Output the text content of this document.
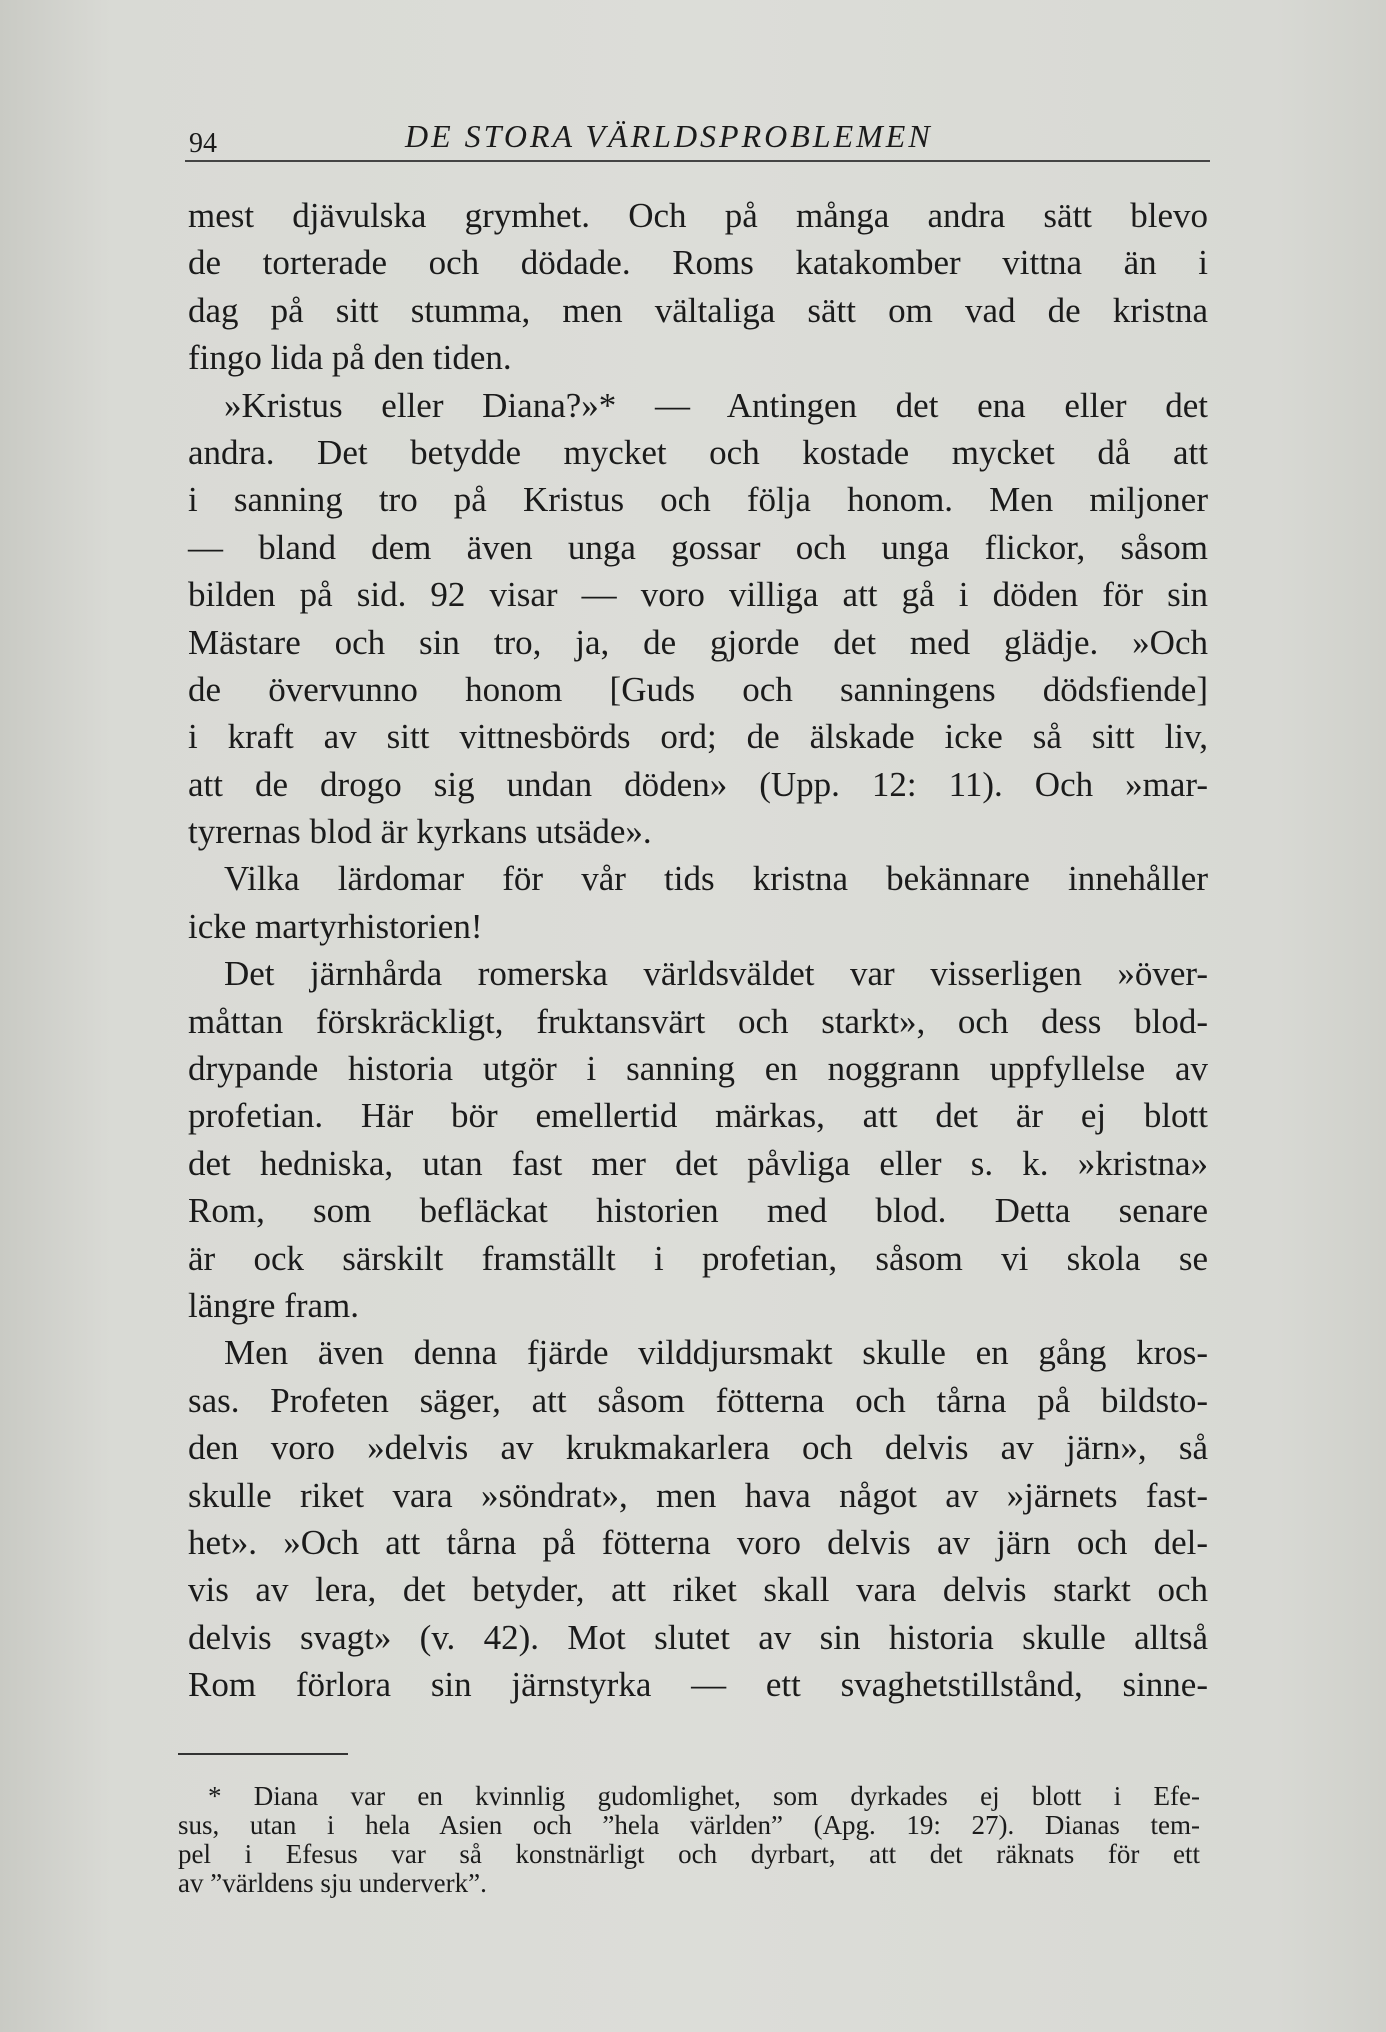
94	DE STORA VÄRLDSPROBLEMEN
mest djävulska grymhet. Och på många andra sätt blevo
de torterade och dödade. Roms katakomber vittna än i
dag på sitt stumma, men vältaliga sätt om vad de kristna
fingo lida på den tiden.
»Kristus eller Diana?»* — Antingen det ena eller det
andra. Det betydde mycket och kostade mycket då att
i sanning tro på Kristus och följa honom. Men miljoner
— bland dem även unga gossar och unga flickor, såsom
bilden på sid. 92 visar — voro villiga att gå i döden för sin
Mästare och sin tro, ja, de gjorde det med glädje. »Och
de övervunno honom [Guds och sanningens dödsfiende]
i kraft av sitt vittnesbörds ord; de älskade icke så sitt liv,
att de drogo sig undan döden» (Upp. 12: 11). Och »mar-
tyrernas blod är kyrkans utsäde».
Vilka lärdomar för vår tids kristna bekännare innehåller
icke martyrhistorien!
Det järnhårda romerska världsväldet var visserligen »över-
måttan förskräckligt, fruktansvärt och starkt», och dess blod-
drypande historia utgör i sanning en noggrann uppfyllelse av
profetian. Här bör emellertid märkas, att det är ej blott
det hedniska, utan fast mer det påvliga eller s. k. »kristna»
Rom, som befläckat historien med blod. Detta senare
är ock särskilt framställt i profetian, såsom vi skola se
längre fram.
Men även denna fjärde vilddjursmakt skulle en gång kros-
sas. Profeten säger, att såsom fötterna och tårna på bildsto-
den voro »delvis av krukmakarlera och delvis av järn», så
skulle riket vara »söndrat», men hava något av »järnets fast-
het». »Och att tårna på fötterna voro delvis av järn och del-
vis av lera, det betyder, att riket skall vara delvis starkt och
delvis svagt» (v. 42). Mot slutet av sin historia skulle alltså
Rom förlora sin järnstyrka — ett svaghetstillstånd, sinne-
* Diana var en kvinnlig gudomlighet, som dyrkades ej blott i Efe-
sus, utan i hela Asien och ”hela världen” (Apg. 19: 27). Dianas tem-
pel i Efesus var så konstnärligt och dyrbart, att det räknats för ett
av ”världens sju underverk”.
